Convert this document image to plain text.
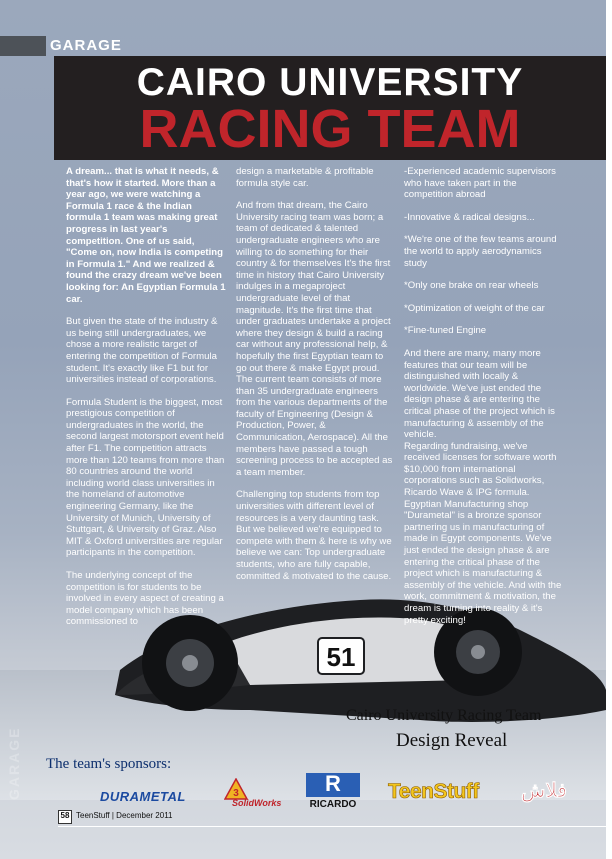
GARAGE
CAIRO UNIVERSITY
RACING TEAM
51
GARAGE

A dream... that is what it needs, & that's how it started. More than a year ago, we were watching a Formula 1 race & the Indian formula 1 team was making great progress in last year's competition. One of us said, "Come on, now India is competing in Formula 1." And we realized & found the crazy dream we've been looking for: An Egyptian Formula 1 car.

But given the state of the industry & us being still undergraduates, we chose a more realistic target of entering the competition of Formula student. It's exactly like F1 but for universities instead of corporations.

Formula Student is the biggest, most prestigious competition of undergraduates in the world, the second largest motorsport event held after F1. The competition attracts more than 120 teams from more than 80 countries around the world including world class universities in the homeland of automotive engineering Germany, like the University of Munich, University of Stuttgart, & University of Graz. Also MIT & Oxford universities are regular participants in the competition.

The underlying concept of the competition is for students to be involved in every aspect of creating a model company which has been commissioned to

design a marketable & profitable formula style car.

And from that dream, the Cairo University racing team was born; a team of dedicated & talented undergraduate engineers who are willing to do something for their country & for themselves It's the first time in history that Cairo University indulges in a megaproject undergraduate level of that magnitude. It's the first time that under graduates undertake a project where they design & build a racing car without any professional help, & hopefully the first Egyptian team to go out there & make Egypt proud.

The current team consists of more than 35 undergraduate engineers from the various departments of the faculty of Engineering (Design & Production, Power, & Communication, Aerospace). All the members have passed a tough screening process to be accepted as a team member.

Challenging top students from top universities with different level of resources is a very daunting task.

But we believed we're equipped to compete with them & here is why we believe we can: Top undergraduate students, who are fully capable, committed & motivated to the cause.

-Experienced academic supervisors who have taken part in the competition abroad

-Innovative & radical designs...

*We're one of the few teams around the world to apply aerodynamics study

*Only one brake on rear wheels

*Optimization of weight of the car

*Fine-tuned Engine

And there are many, many more features that our team will be distinguished with locally & worldwide. We've just ended the design phase & are entering the critical phase of the project which is manufacturing & assembly of the vehicle.

Regarding fundraising, we've received licenses for software worth $10,000 from international corporations such as Solidworks, Ricardo Wave & IPG formula. Egyptian Manufacturing shop "Durametal" is a bronze sponsor partnering us in manufacturing of made in Egypt components. We've just ended the design phase & are entering the critical phase of the project which is manufacturing & assembly of the vehicle. And with the work, commitment & motivation, the dream is turning into reality & it's pretty exciting!

Cairo University Racing Team
Design Reveal
The team's sponsors:
DURAMETAL	3
SolidWorks
R
RICARDO
TeenStuff	فلاش
58 TeenStuff | December 2011
